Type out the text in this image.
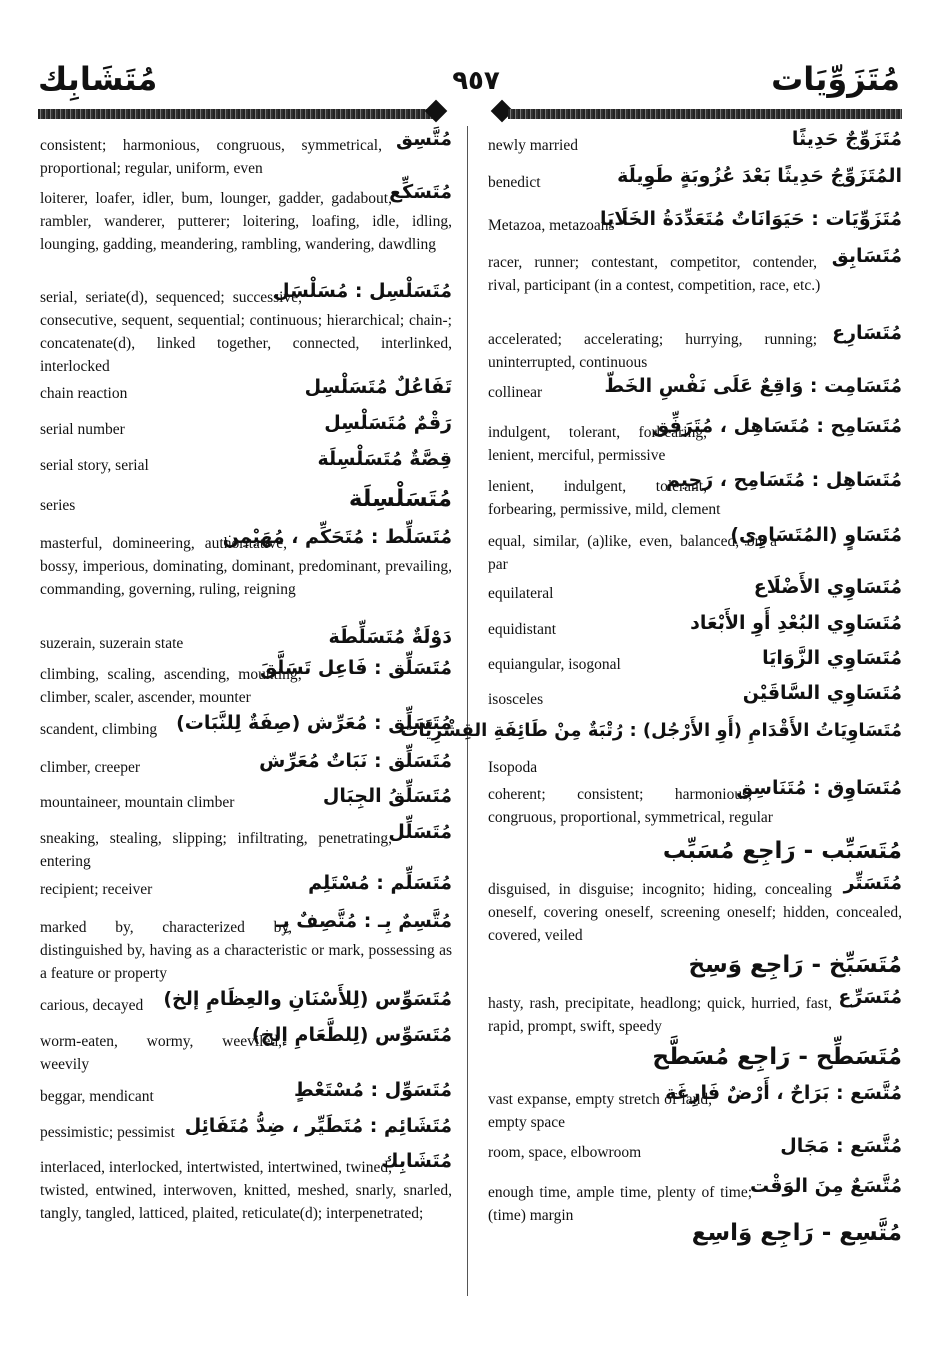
مُتَشَابِك	٩٥٧	مُتَزَوِّيَات
مُتَّسِق

consistent; harmonious, congruous, symmetrical, proportional; regular, uniform, even

مُتَسَكِّع

loiterer, loafer, idler, bum, lounger, gadder, gadabout, rambler, wanderer, putterer; loitering, loafing, idle, idling, lounging, gadding, meandering, rambling, wandering, dawdling

مُتَسَلْسِل : مُسَلْسَل

serial, seriate(d), sequenced; successive, consecutive, sequent, sequential; continuous; hierarchical; chain-; concatenate(d), linked together, connected, interlinked, interlocked

تَفَاعُلٌ مُتَسَلْسِل

chain reaction

رَقْمٌ مُتَسَلْسِل

serial number

قِصَّةٌ مُتَسَلْسِلَة

serial story, serial

مُتَسَلْسِلَة

series

مُتَسَلِّط : مُتَحَكِّم ، مُهَيْمِن

masterful, domineering, authoritative, bossy, imperious, dominating, dominant, predominant, prevailing, commanding, governing, ruling, reigning

دَوْلَةٌ مُتَسَلِّطَة

suzerain, suzerain state

مُتَسَلِّق : فَاعِل تَسَلَّقَ

climbing, scaling, ascending, mounting; climber, scaler, ascender, mounter

مُتَسَلِّق : مُعَرِّش (صِفَةٌ لِلنَّبَات)

scandent, climbing

مُتَسَلِّق : نَبَاتٌ مُعَرِّش

climber, creeper

مُتَسَلِّقُ الجِبَال

mountaineer, mountain climber

مُتَسَلِّل

sneaking, stealing, slipping; infiltrating, penetrating, entering

مُتَسَلِّم : مُسْتَلِم

recipient; receiver

مُتَّسِمٌ بِـ : مُتَّصِفٌ بِـ

marked by, characterized by, distinguished by, having as a characteristic or mark, possessing as a feature or property

مُتَسَوِّس (لِلأَسْنَانِ والعِظَامِ إلخ)

carious, decayed

مُتَسَوِّس (لِلطَّعَامِ إلخ)

worm-eaten, wormy, weeviled, weevily

مُتَسَوِّل : مُسْتَعْطٍ

beggar, mendicant

مُتَشَائِم : مُتَطَيِّر ، ضِدُّ مُتَفَائِل

pessimistic; pessimist

مُتَشَابِك

interlaced, interlocked, intertwisted, intertwined, twined, twisted, entwined, interwoven, knitted, meshed, snarly, snarled, tangly, tangled, latticed, plaited, reticulate(d); interpenetrated;

مُتَزَوِّجٌ حَدِيثًا

newly married

المُتَزَوِّجُ حَدِيثًا بَعْدَ عُزُوبَةٍ طَوِيلَة

benedict

مُتَزَوِّيَات : حَيَوَانَاتٌ مُتَعَدِّدَةُ الخَلَايَا

Metazoa, metazoans

مُتَسَابِق

racer, runner; contestant, competitor, contender, rival, participant (in a contest, competition, race, etc.)

مُتَسَارِع

accelerated; accelerating; hurrying, running; uninterrupted, continuous

مُتَسَامِت : وَاقِعٌ عَلَى نَفْسِ الخَطّ

collinear

مُتَسَامِح : مُتَسَاهِل ، مُتَرَفِّق

indulgent, tolerant, forbearing, lenient, merciful, permissive

مُتَسَاهِل : مُتَسَامِح ، رَحِيم

lenient, indulgent, tolerant, forbearing, permissive, mild, clement

مُتَسَاوٍ (المُتَسَاوِي)

equal, similar, (a)like, even, balanced, on a par

مُتَسَاوِي الأَضْلَاع

equilateral

مُتَسَاوِي البُعْدِ أَوِ الأَبْعَاد

equidistant

مُتَسَاوِي الزَّوَايَا

equiangular, isogonal

مُتَسَاوِي السَّاقَيْن

isosceles

مُتَسَاوِيَاتُ الأَقْدَامِ (أَوِ الأَرْجُل) : رُتْبَةٌ مِنْ طَائِفَةِ القِشْرِيَّات

Isopoda

مُتَسَاوِق : مُتَنَاسِق

coherent; consistent; harmonious, congruous, proportional, symmetrical, regular

مُتَسَبِّب - رَاجِع مُسَبِّب

مُتَسَتِّر

disguised, in disguise; incognito; hiding, concealing oneself, covering oneself, screening oneself; hidden, concealed, covered, veiled

مُتَسَبِّخ - رَاجِع وَسِخ

مُتَسَرِّع

hasty, rash, precipitate, headlong; quick, hurried, fast, rapid, prompt, swift, speedy

مُتَسَطِّح - رَاجِع مُسَطَّح

مُتَّسَع : بَرَاحٌ ، أَرْضٌ فَارِغَة

vast expanse, empty stretch of land, empty space

مُتَّسَع : مَجَال

room, space, elbowroom

مُتَّسَعٌ مِنَ الوَقْت

enough time, ample time, plenty of time; (time) margin

مُتَّسِع - رَاجِع وَاسِع
